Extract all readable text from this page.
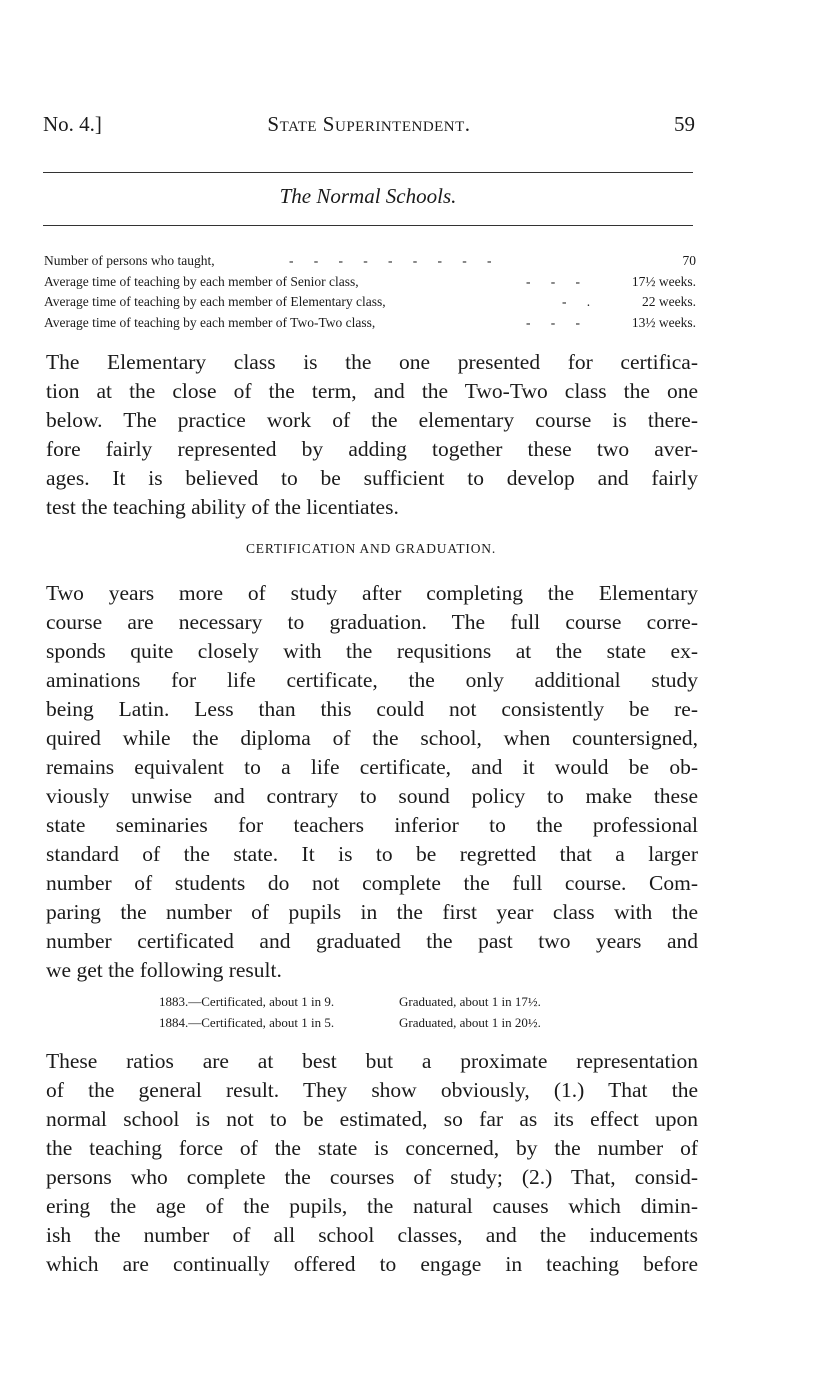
No. 4.]	State Superintendent.	59
The Normal Schools.
Number of persons who taught,	-      -      -      -      -      -      -      -      -	70
Average time of teaching by each member of Senior class,	-      -      -	17½ weeks.
Average time of teaching by each member of Elementary class,	-      .	22 weeks.
Average time of teaching by each member of Two-Two class,	-      -      -	13½ weeks.

The Elementary class is the one presented for certifica-
tion at the close of the term, and the Two-Two class the one
below. The practice work of the elementary course is there-
fore fairly represented by adding together these two aver-
ages. It is believed to be sufficient to develop and fairly
test the teaching ability of the licentiates.

CERTIFICATION AND GRADUATION.

Two years more of study after completing the Elementary
course are necessary to graduation. The full course corre-
sponds quite closely with the requsitions at the state ex-
aminations for life certificate, the only additional study
being Latin. Less than this could not consistently be re-
quired while the diploma of the school, when countersigned,
remains equivalent to a life certificate, and it would be ob-
viously unwise and contrary to sound policy to make these
state seminaries for teachers inferior to the professional
standard of the state. It is to be regretted that a larger
number of students do not complete the full course. Com-
paring the number of pupils in the first year class with the
number certificated and graduated the past two years and
we get the following result.

1883.—Certificated, about 1 in 9.	Graduated, about 1 in 17½.
1884.—Certificated, about 1 in 5.	Graduated, about 1 in 20½.

These ratios are at best but a proximate representation
of the general result. They show obviously, (1.) That the
normal school is not to be estimated, so far as its effect upon
the teaching force of the state is concerned, by the number of
persons who complete the courses of study; (2.) That, consid-
ering the age of the pupils, the natural causes which dimin-
ish the number of all school classes, and the inducements
which are continually offered to engage in teaching before
